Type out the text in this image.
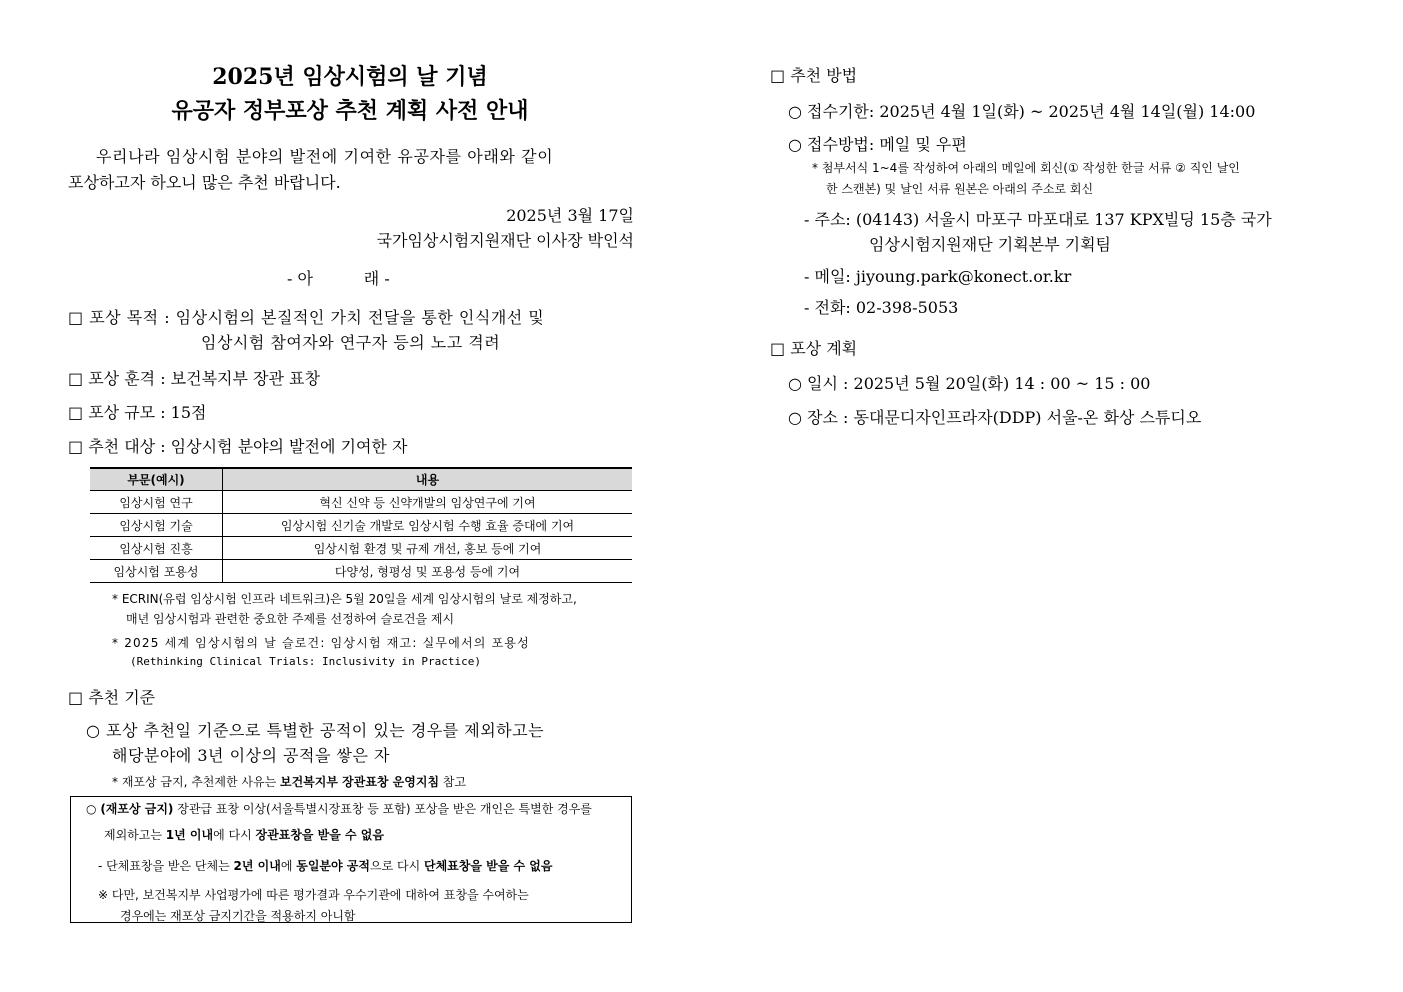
2025년 임상시험의 날 기념
유공자 정부포상 추천 계획 사전 안내
우리나라 임상시험 분야의 발전에 기여한 유공자를 아래와 같이
포상하고자 하오니 많은 추천 바랍니다.
2025년 3월 17일
국가임상시험지원재단 이사장 박인석
- 아          래 -
□ 포상 목적 : 임상시험의 본질적인 가치 전달을 통한 인식개선 및
임상시험 참여자와 연구자 등의 노고 격려
□ 포상 훈격 : 보건복지부 장관 표창
□ 포상 규모 : 15점
□ 추천 대상 : 임상시험 분야의 발전에 기여한 자
부문(예시)	내용
임상시험 연구	혁신 신약 등 신약개발의 임상연구에 기여
임상시험 기술	임상시험 신기술 개발로 임상시험 수행 효율 증대에 기여
임상시험 진흥	임상시험 환경 및 규제 개선, 홍보 등에 기여
임상시험 포용성	다양성, 형평성 및 포용성 등에 기여
* ECRIN(유럽 임상시험 인프라 네트워크)은 5월 20일을 세계 임상시험의 날로 제정하고,
매년 임상시험과 관련한 중요한 주제를 선정하여 슬로건을 제시
* 2025 세계 임상시험의 날 슬로건: 임상시험 재고: 실무에서의 포용성
(Rethinking Clinical Trials: Inclusivity in Practice)
□ 추천 기준
○ 포상 추천일 기준으로 특별한 공적이 있는 경우를 제외하고는
해당분야에 3년 이상의 공적을 쌓은 자
* 재포상 금지, 추천제한 사유는 보건복지부 장관표창 운영지침 참고
○ (재포상 금지) 장관급 표창 이상(서울특별시장표창 등 포함) 포상을 받은 개인은 특별한 경우를
제외하고는 1년 이내에 다시 장관표창을 받을 수 없음
- 단체표창을 받은 단체는 2년 이내에 동일분야 공적으로 다시 단체표창을 받을 수 없음
※ 다만, 보건복지부 사업평가에 따른 평가결과 우수기관에 대하여 표창을 수여하는
경우에는 재포상 금지기간을 적용하지 아니함
□ 추천 방법
○ 접수기한: 2025년 4월 1일(화) ~ 2025년 4월 14일(월) 14:00
○ 접수방법: 메일 및 우편
* 첨부서식 1~4를 작성하여 아래의 메일에 회신(① 작성한 한글 서류 ② 직인 날인
한 스캔본) 및 날인 서류 원본은 아래의 주소로 회신
- 주소: (04143) 서울시 마포구 마포대로 137 KPX빌딩 15층 국가
임상시험지원재단 기획본부 기획팀
- 메일: jiyoung.park@konect.or.kr
- 전화: 02-398-5053
□ 포상 계획
○ 일시 : 2025년 5월 20일(화) 14 : 00 ~ 15 : 00
○ 장소 : 동대문디자인프라자(DDP) 서울-온 화상 스튜디오
